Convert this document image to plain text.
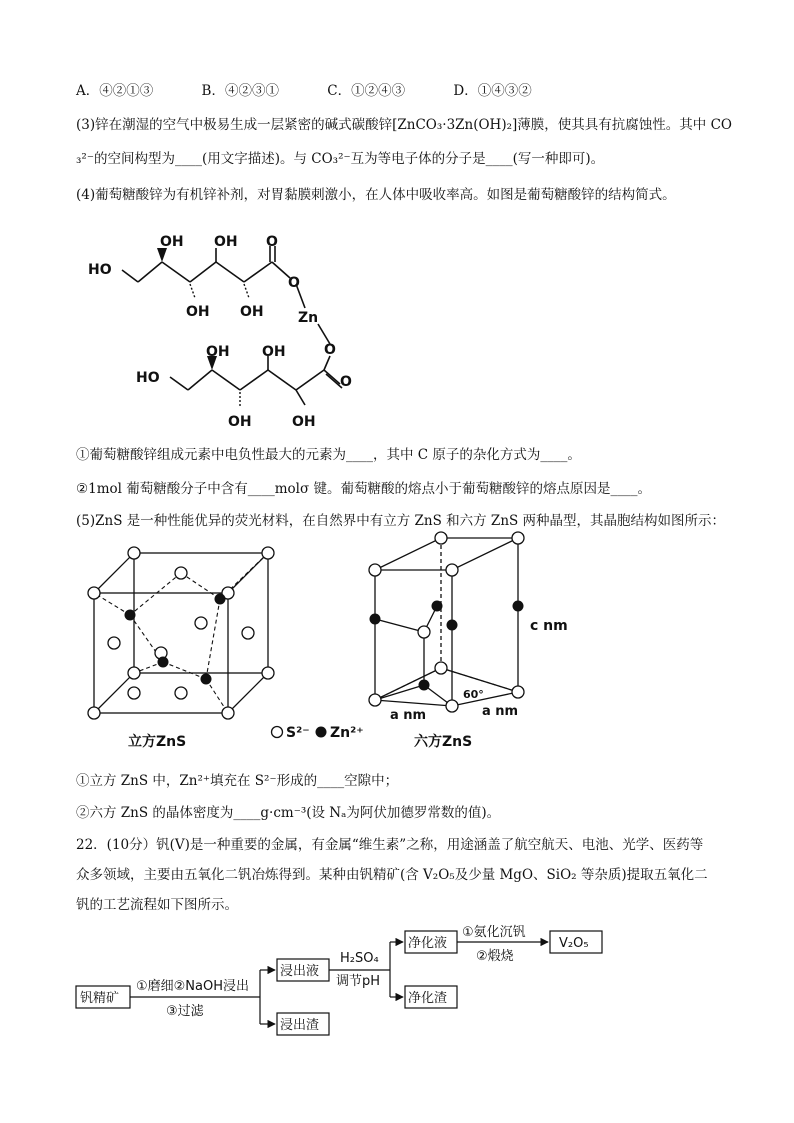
A．④②①③	B．④②③①	C．①②④③	D．①④③②
(3)锌在潮湿的空气中极易生成一层紧密的碱式碳酸锌[ZnCO₃·3Zn(OH)₂]薄膜，使其具有抗腐蚀性。其中 CO
₃²⁻的空间构型为____(用文字描述)。与 CO₃²⁻互为等电子体的分子是____(写一种即可)。
(4)葡萄糖酸锌为有机锌补剂，对胃黏膜刺激小，在人体中吸收率高。如图是葡萄糖酸锌的结构简式。
OH OH
HO
O
O
OH OH Zn
O
OH OH
HO	O
OH	OH
①葡萄糖酸锌组成元素中电负性最大的元素为____，其中 C 原子的杂化方式为____。
②1mol 葡萄糖酸分子中含有____molσ 键。葡萄糖酸的熔点小于葡萄糖酸锌的熔点原因是____。
(5)ZnS 是一种性能优异的荧光材料，在自然界中有立方 ZnS 和六方 ZnS 两种晶型，其晶胞结构如图所示：
立方ZnS
S²⁻ Zn²⁺
c nm
a nm	a nm
60°
六方ZnS
①立方 ZnS 中，Zn²⁺填充在 S²⁻形成的____空隙中；
②六方 ZnS 的晶体密度为____g·cm⁻³(设 Nₐ为阿伏加德罗常数的值)。
22．(10分）钒(V)是一种重要的金属，有金属“维生素”之称，用途涵盖了航空航天、电池、光学、医药等
众多领域，主要由五氧化二钒冶炼得到。某种由钒精矿(含 V₂O₅及少量 MgO、SiO₂ 等杂质)提取五氧化二
钒的工艺流程如下图所示。
钒精矿
①磨细②NaOH浸出
③过滤
浸出液
浸出渣
H₂SO₄
调节pH
净化液
净化渣
①氨化沉钒
②煅烧
V₂O₅
